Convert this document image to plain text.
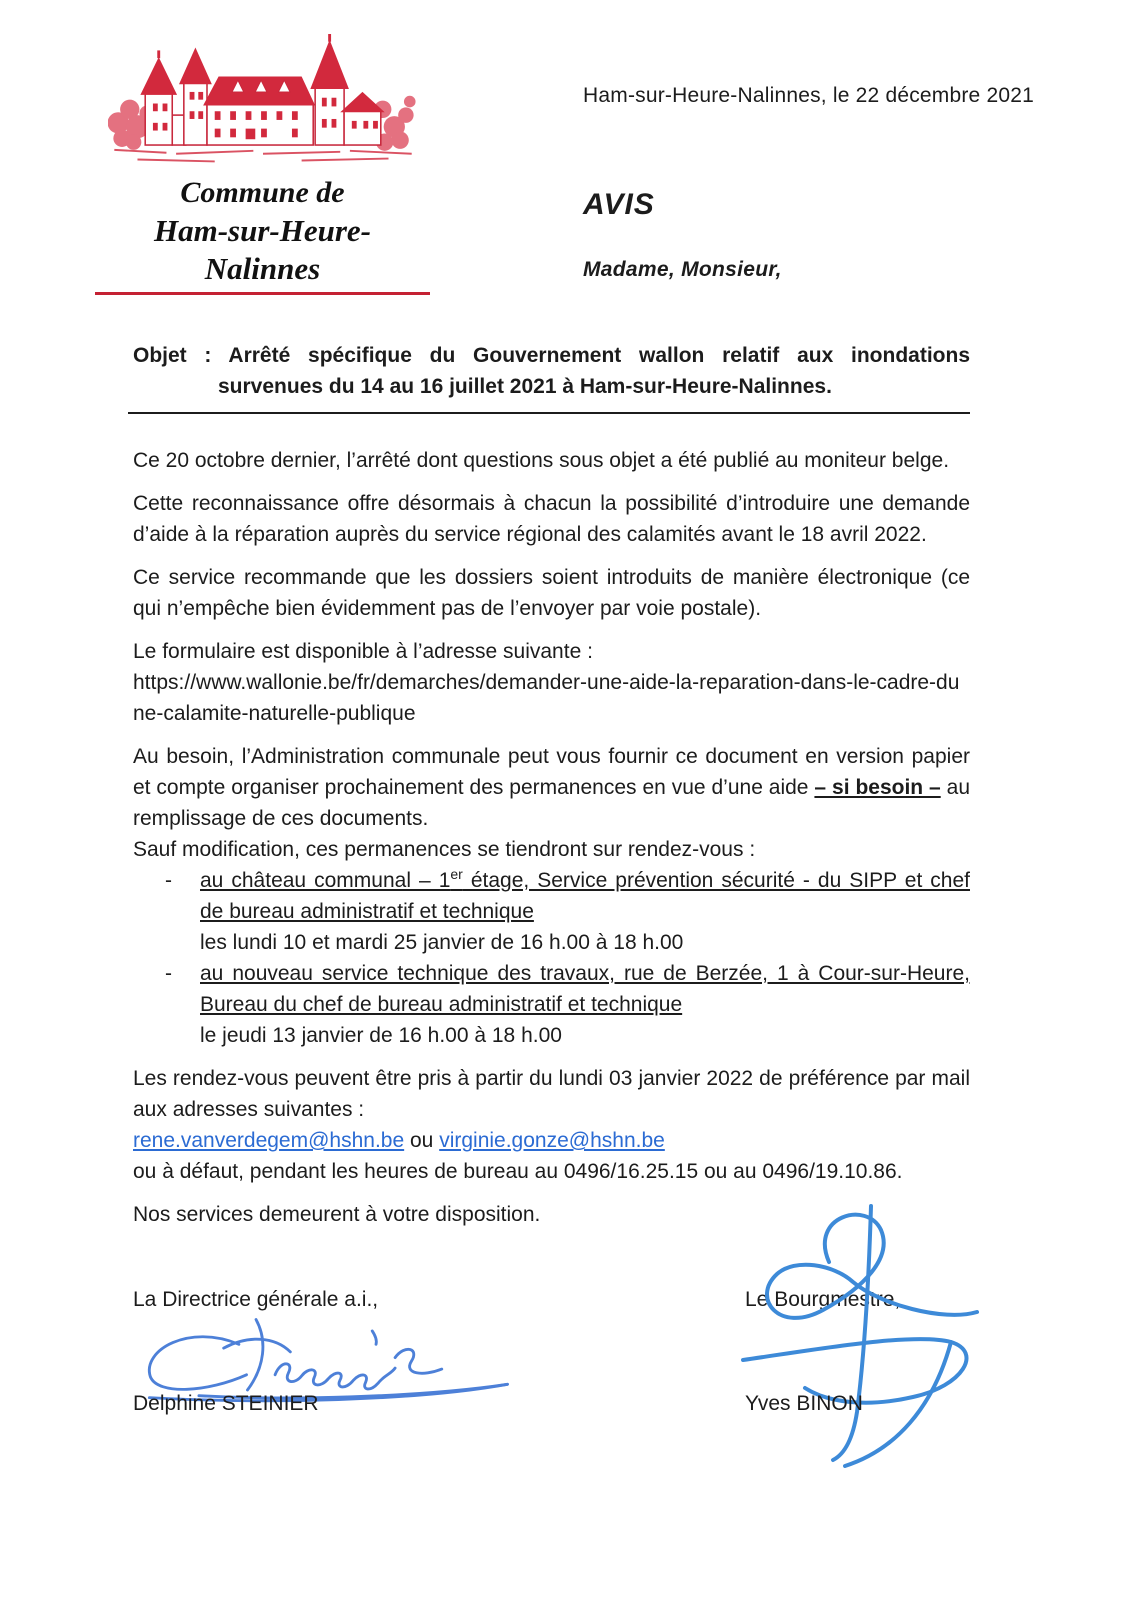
Commune de
Ham-sur-Heure-Nalinnes
Ham-sur-Heure-Nalinnes, le 22 décembre 2021
AVIS
Madame, Monsieur,
Objet : Arrêté spécifique du Gouvernement wallon relatif aux inondations survenues du 14 au 16 juillet 2021 à Ham-sur-Heure-Nalinnes.

Ce 20 octobre dernier, l’arrêté dont questions sous objet a été publié au moniteur belge.

Cette reconnaissance offre désormais à chacun la possibilité d’introduire une demande d’aide à la réparation auprès du service régional des calamités avant le 18 avril 2022.

Ce service recommande que les dossiers soient introduits de manière électronique (ce qui n’empêche bien évidemment pas de l’envoyer par voie postale).

Le formulaire est disponible à l’adresse suivante :
https://www.wallonie.be/fr/demarches/demander-une-aide-la-reparation-dans-le-cadre-dune-calamite-naturelle-publique

Au besoin, l’Administration communale peut vous fournir ce document en version papier et compte organiser prochainement des permanences en vue d’une aide – si besoin – au remplissage de ces documents.

Sauf modification, ces permanences se tiendront sur rendez-vous :
- au château communal – 1er étage, Service prévention sécurité - du SIPP et chef de bureau administratif et technique
les lundi 10 et mardi 25 janvier de 16 h.00 à 18 h.00
- au nouveau service technique des travaux, rue de Berzée, 1 à Cour-sur-Heure, Bureau du chef de bureau administratif et technique
le jeudi 13 janvier de 16 h.00 à 18 h.00

Les rendez-vous peuvent être pris à partir du lundi 03 janvier 2022 de préférence par mail aux adresses suivantes :
rene.vanverdegem@hshn.be ou virginie.gonze@hshn.be
ou à défaut, pendant les heures de bureau au 0496/16.25.15 ou au 0496/19.10.86.

Nos services demeurent à votre disposition.

La Directrice générale a.i.,	Le Bourgmestre,
Delphine STEINIER	Yves BINON
